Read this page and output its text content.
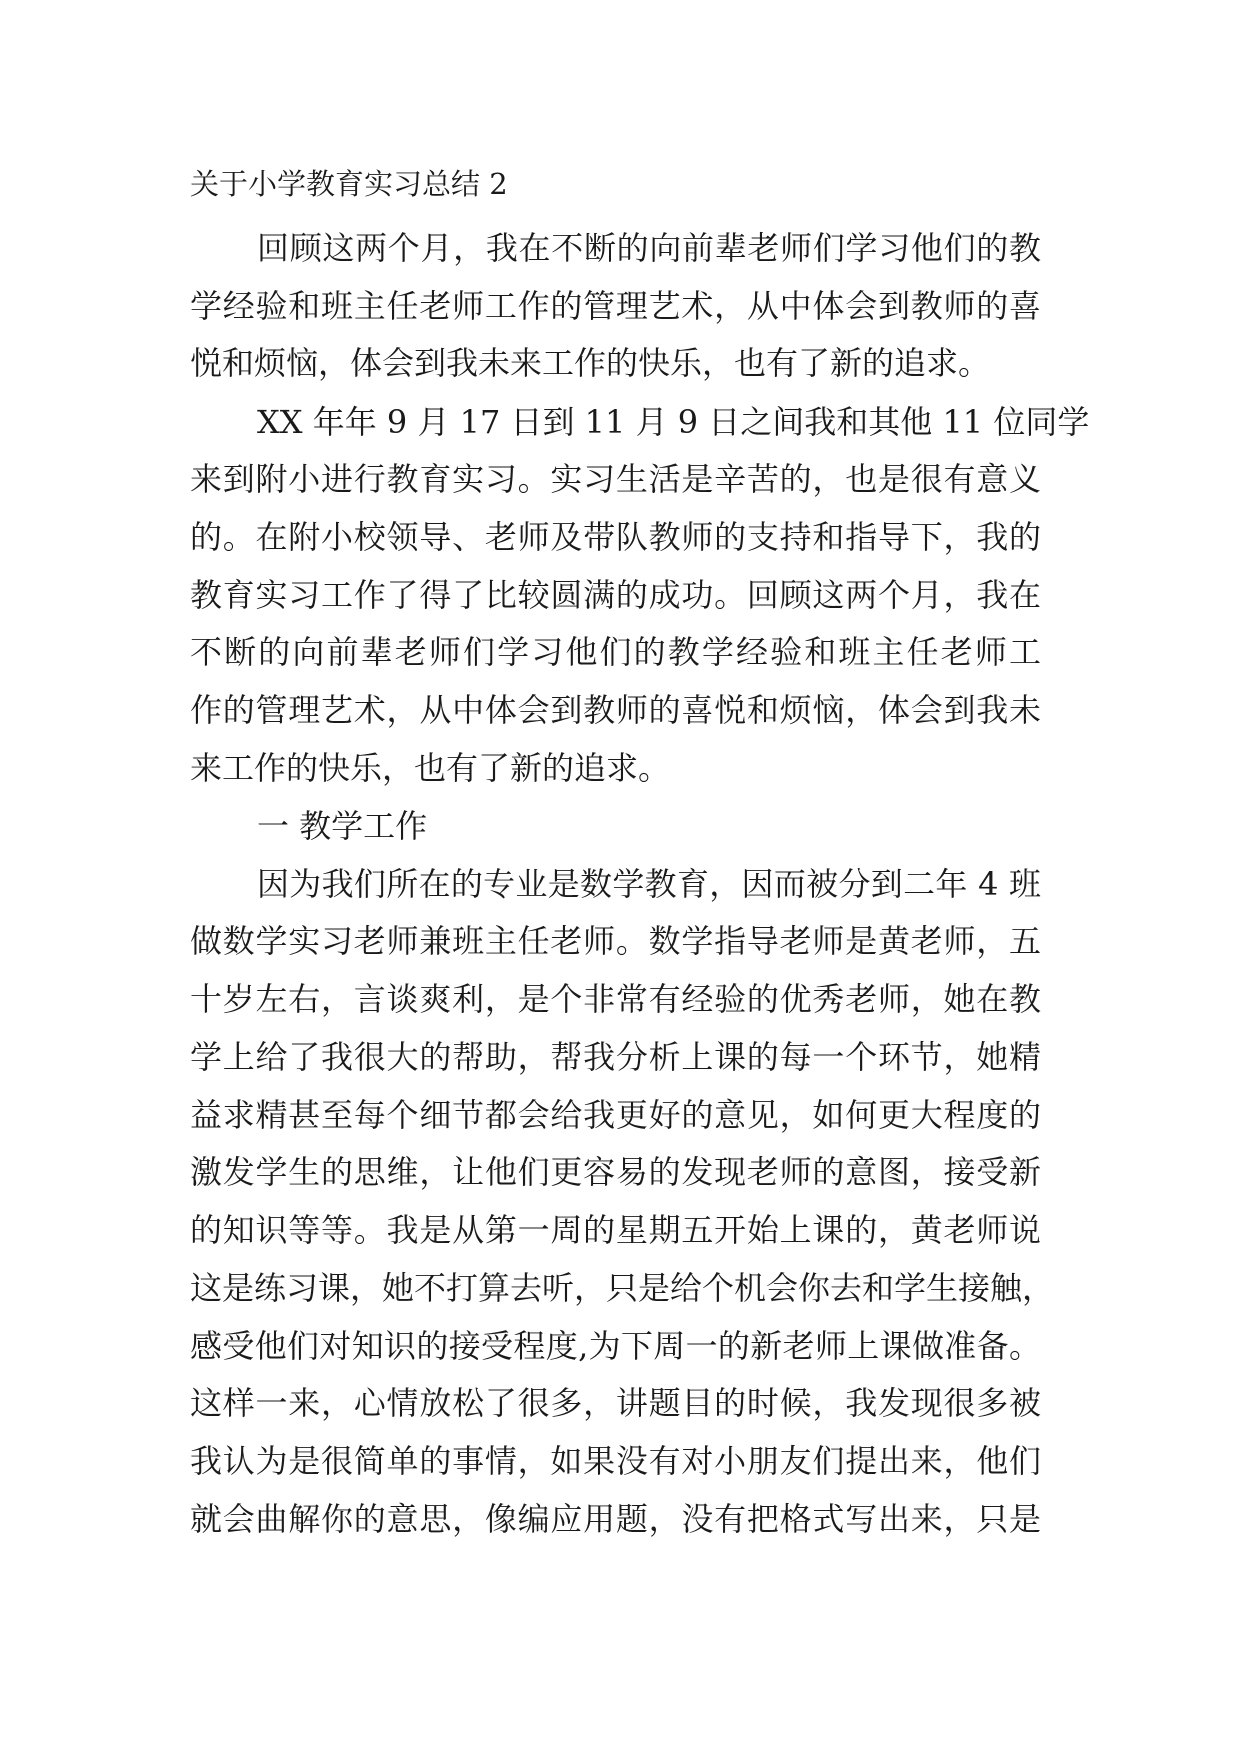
关于小学教育实习总结 2
回顾这两个月，我在不断的向前辈老师们学习他们的教
学经验和班主任老师工作的管理艺术，从中体会到教师的喜
悦和烦恼，体会到我未来工作的快乐，也有了新的追求。
XX 年年 9 月 17 日到 11 月 9 日之间我和其他 11 位同学
来到附小进行教育实习。实习生活是辛苦的，也是很有意义
的。在附小校领导、老师及带队教师的支持和指导下，我的
教育实习工作了得了比较圆满的成功。回顾这两个月，我在
不断的向前辈老师们学习他们的教学经验和班主任老师工
作的管理艺术，从中体会到教师的喜悦和烦恼，体会到我未
来工作的快乐，也有了新的追求。
一 教学工作
因为我们所在的专业是数学教育，因而被分到二年 4 班
做数学实习老师兼班主任老师。数学指导老师是黄老师，五
十岁左右，言谈爽利，是个非常有经验的优秀老师，她在教
学上给了我很大的帮助，帮我分析上课的每一个环节，她精
益求精甚至每个细节都会给我更好的意见，如何更大程度的
激发学生的思维，让他们更容易的发现老师的意图，接受新
的知识等等。我是从第一周的星期五开始上课的，黄老师说
这是练习课，她不打算去听，只是给个机会你去和学生接触，
感受他们对知识的接受程度,为下周一的新老师上课做准备。
这样一来，心情放松了很多，讲题目的时候，我发现很多被
我认为是很简单的事情，如果没有对小朋友们提出来，他们
就会曲解你的意思，像编应用题，没有把格式写出来，只是
